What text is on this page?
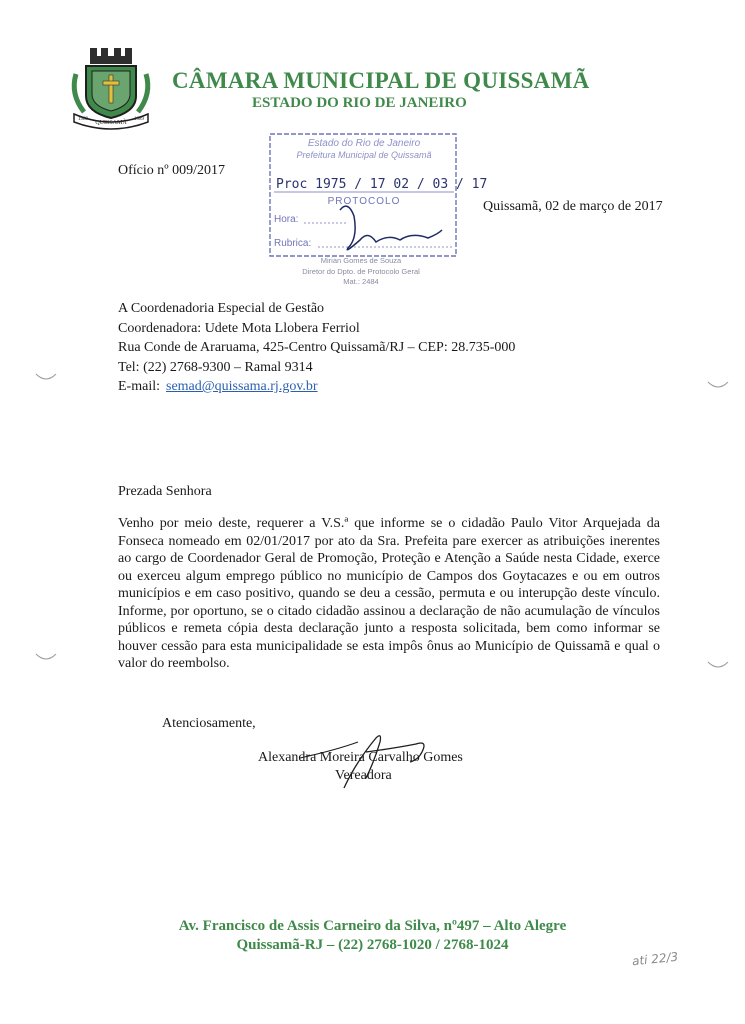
QUISSAMÃ
1989	1989
CÂMARA MUNICIPAL DE QUISSAMÃ
ESTADO DO RIO DE JANEIRO
Ofício nº 009/2017
Quissamã, 02 de março de 2017
Estado do Rio de Janeiro
Prefeitura Municipal de Quissamã
Proc 1975 / 17 02 / 03 / 17
PROTOCOLO
Hora:
Rubrica:
Mirian Gomes de Souza
Diretor do Dpto. de Protocolo Geral
Mat.: 2484
A Coordenadoria Especial de Gestão
Coordenadora: Udete Mota Llobera Ferriol
Rua Conde de Araruama, 425-Centro Quissamã/RJ – CEP: 28.735-000
Tel: (22) 2768-9300 – Ramal 9314
E-mail: semad@quissama.rj.gov.br
Prezada Senhora
Venho por meio deste, requerer a V.S.ª que informe se o cidadão Paulo Vitor Arquejada da Fonseca nomeado em 02/01/2017 por ato da Sra. Prefeita pare exercer as atribuições inerentes ao cargo de Coordenador Geral de Promoção, Proteção e Atenção a Saúde nesta Cidade, exerce ou exerceu algum emprego público no município de Campos dos Goytacazes e ou em outros municípios e em caso positivo, quando se deu a cessão, permuta e ou interupção deste vínculo. Informe, por oportuno, se o citado cidadão assinou a declaração de não acumulação de vínculos públicos e remeta cópia desta declaração junto a resposta solicitada, bem como informar se houver cessão para esta municipalidade se esta impôs ônus ao Município de Quissamã e qual o valor do reembolso.
Atenciosamente,
Alexandra Moreira Carvalho Gomes
Vereadora
Av. Francisco de Assis Carneiro da Silva, nº497 – Alto Alegre
Quissamã-RJ – (22) 2768-1020 / 2768-1024
ati 22/3
